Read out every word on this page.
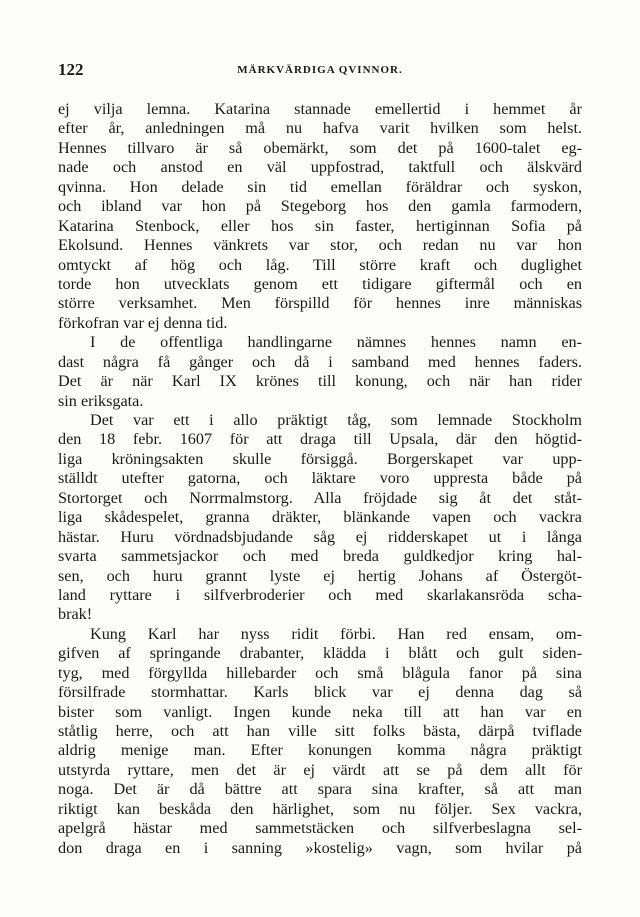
122	MÄRKVÄRDIGA QVINNOR.
ej vilja lemna. Katarina stannade emellertid i hemmet år
efter år, anledningen må nu hafva varit hvilken som helst.
Hennes tillvaro är så obemärkt, som det på 1600-talet eg-
nade och anstod en väl uppfostrad, taktfull och älskvärd
qvinna. Hon delade sin tid emellan föräldrar och syskon,
och ibland var hon på Stegeborg hos den gamla farmodern,
Katarina Stenbock, eller hos sin faster, hertiginnan Sofia på
Ekolsund. Hennes vänkrets var stor, och redan nu var hon
omtyckt af hög och låg. Till större kraft och duglighet
torde hon utvecklats genom ett tidigare giftermål och en
större verksamhet. Men förspilld för hennes inre människas
förkofran var ej denna tid.
I de offentliga handlingarne nämnes hennes namn en-
dast några få gånger och då i samband med hennes faders.
Det är när Karl IX krönes till konung, och när han rider
sin eriksgata.
Det var ett i allo präktigt tåg, som lemnade Stockholm
den 18 febr. 1607 för att draga till Upsala, där den högtid-
liga kröningsakten skulle försiggå. Borgerskapet var upp-
ställdt utefter gatorna, och läktare voro uppresta både på
Stortorget och Norrmalmstorg. Alla fröjdade sig åt det ståt-
liga skådespelet, granna dräkter, blänkande vapen och vackra
hästar. Huru vördnadsbjudande såg ej ridderskapet ut i långa
svarta sammetsjackor och med breda guldkedjor kring hal-
sen, och huru grannt lyste ej hertig Johans af Östergöt-
land ryttare i silfverbroderier och med skarlakansröda scha-
brak!
Kung Karl har nyss ridit förbi. Han red ensam, om-
gifven af springande drabanter, klädda i blått och gult siden-
tyg, med förgyllda hillebarder och små blågula fanor på sina
försilfrade stormhattar. Karls blick var ej denna dag så
bister som vanligt. Ingen kunde neka till att han var en
ståtlig herre, och att han ville sitt folks bästa, därpå tviflade
aldrig menige man. Efter konungen komma några präktigt
utstyrda ryttare, men det är ej värdt att se på dem allt för
noga. Det är då bättre att spara sina krafter, så att man
riktigt kan beskåda den härlighet, som nu följer. Sex vackra,
apelgrå hästar med sammetstäcken och silfverbeslagna sel-
don draga en i sanning »kostelig» vagn, som hvilar på
